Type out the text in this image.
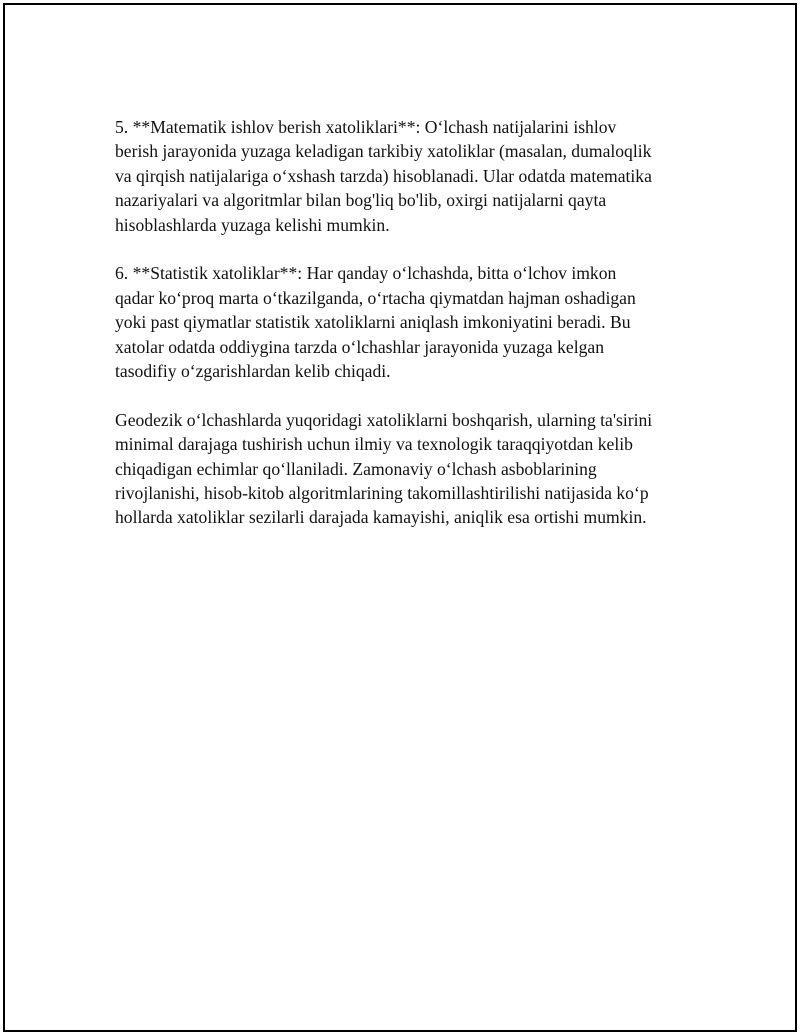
5. **Matematik ishlov berish xatoliklari**: O‘lchash natijalarini ishlov
berish jarayonida yuzaga keladigan tarkibiy xatoliklar (masalan, dumaloqlik
va qirqish natijalariga o‘xshash tarzda) hisoblanadi. Ular odatda matematika
nazariyalari va algoritmlar bilan bog'liq bo'lib, oxirgi natijalarni qayta
hisoblashlarda yuzaga kelishi mumkin.

6. **Statistik xatoliklar**: Har qanday o‘lchashda, bitta o‘lchov imkon
qadar ko‘proq marta o‘tkazilganda, o‘rtacha qiymatdan hajman oshadigan
yoki past qiymatlar statistik xatoliklarni aniqlash imkoniyatini beradi. Bu
xatolar odatda oddiygina tarzda o‘lchashlar jarayonida yuzaga kelgan
tasodifiy o‘zgarishlardan kelib chiqadi.

Geodezik o‘lchashlarda yuqoridagi xatoliklarni boshqarish, ularning ta'sirini
minimal darajaga tushirish uchun ilmiy va texnologik taraqqiyotdan kelib
chiqadigan echimlar qo‘llaniladi. Zamonaviy o‘lchash asboblarining
rivojlanishi, hisob-kitob algoritmlarining takomillashtirilishi natijasida ko‘p
hollarda xatoliklar sezilarli darajada kamayishi, aniqlik esa ortishi mumkin.
